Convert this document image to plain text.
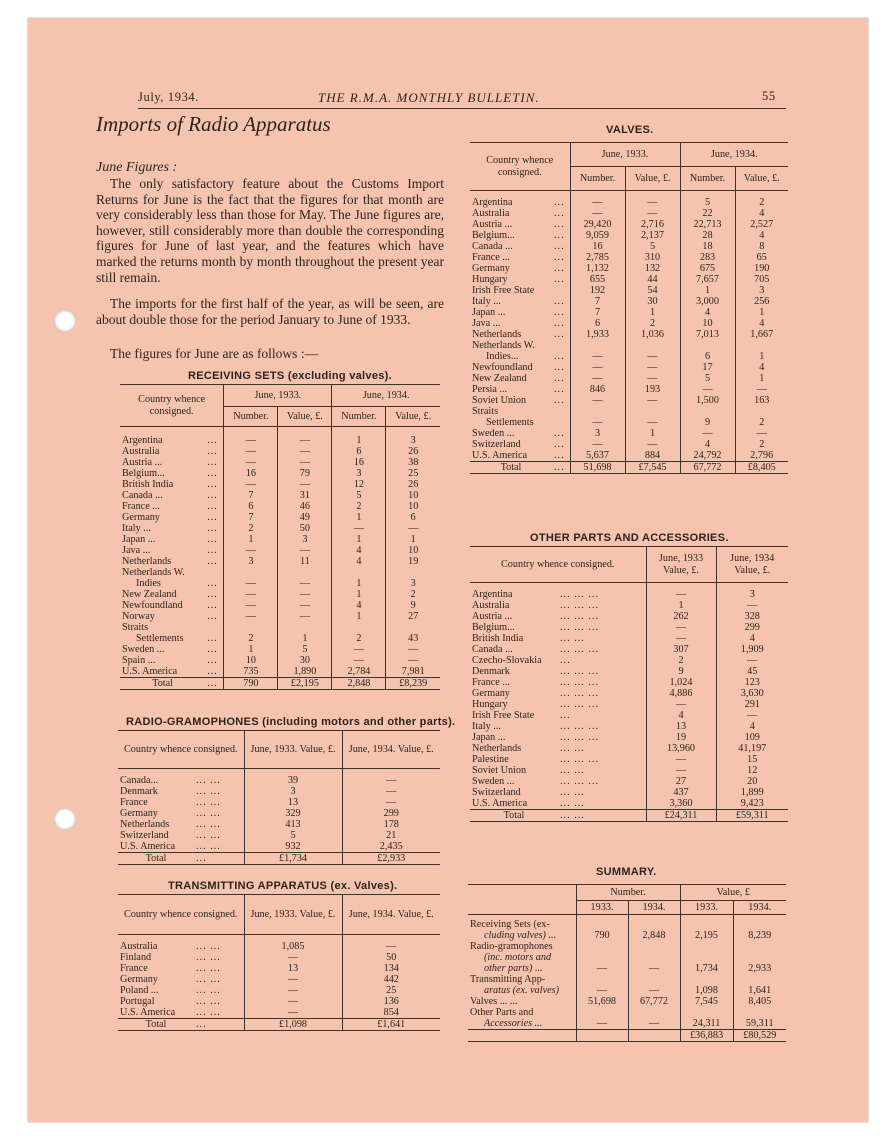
July, 1934.	THE R.M.A. MONTHLY BULLETIN.	55
Imports of Radio Apparatus
June Figures :
The only satisfactory feature about the Customs Import Returns for June is the fact that the figures for that month are very considerably less than those for May. The June figures are, however, still considerably more than double the corresponding figures for June of last year, and the features which have marked the returns month by month throughout the present year still remain.
The imports for the first half of the year, as will be seen, are about double those for the period January to June of 1933.
The figures for June are as follows :—
RECEIVING SETS (excluding valves).
Country whence consigned.		June, 1933.		June, 1934.	
		Number.	Value, £.	Number.	Value, £.
Argentina	...	—	—	1	3
Australia	...	—	—	6	26
Austria ...	...	—	—	16	38
Belgium...	...	16	79	3	25
British India	...	—	—	12	26
Canada ...	...	7	31	5	10
France ...	...	6	46	2	10
Germany	...	7	49	1	6
Italy ...	...	2	50	—	—
Japan ...	...	1	3	1	1
Java ...	...	—	—	4	10
Netherlands	...	3	11	4	19
Netherlands W.					
Indies	...	—	—	1	3
New Zealand	...	—	—	1	2
Newfoundland	...	—	—	4	9
Norway	...	—	—	1	27
Straits					
Settlements	...	2	1	2	43
Sweden ...	...	1	5	—	—
Spain ...	...	10	30	—	—
U.S. America	...	735	1,890	2,784	7,981
Total	...	790	£2,195	2,848	£8,239
RADIO-GRAMOPHONES (including motors and other parts).
Country whence consigned.		June, 1933. Value, £.	June, 1934. Value, £.
Canada...	... ...	39	—
Denmark	... ...	3	—
France	... ...	13	—
Germany	... ...	329	299
Netherlands	... ...	413	178
Switzerland	... ...	5	21
U.S. America	... ...	932	2,435
Total	...	£1,734	£2,933
TRANSMITTING APPARATUS (ex. Valves).
Country whence consigned.		June, 1933. Value, £.	June, 1934. Value, £.
Australia	... ...	1,085	—
Finland	... ...	—	50
France	... ...	13	134
Germany	... ...	—	442
Poland ...	... ...	—	25
Portugal	... ...	—	136
U.S. America	... ...	—	854
Total	...	£1,098	£1,641
VALVES.
Country whence consigned.		June, 1933.		June, 1934.	
		Number.	Value, £.	Number.	Value, £.
Argentina	...	—	—	5	2
Australia	...	—	—	22	4
Austria ...	...	29,420	2,716	22,713	2,527
Belgium...	...	9,059	2,137	28	4
Canada ...	...	16	5	18	8
France ...	...	2,785	310	283	65
Germany	...	1,132	132	675	190
Hungary	...	655	44	7,657	705
Irish Free State		192	54	1	3
Italy ...	...	7	30	3,000	256
Japan ...	...	7	1	4	1
Java ...	...	6	2	10	4
Netherlands	...	1,933	1,036	7,013	1,667
Netherlands W.					
Indies...	...	—	—	6	1
Newfoundland	...	—	—	17	4
New Zealand	...	—	—	5	1
Persia ...	...	846	193	—	—
Soviet Union	...	—	—	1,500	163
Straits					
Settlements		—	—	9	2
Sweden ...	...	3	1	—	—
Switzerland	...	—	—	4	2
U.S. America	...	5,637	884	24,792	2,796
Total	...	51,698	£7,545	67,772	£8,405
OTHER PARTS AND ACCESSORIES.
Country whence consigned.		June, 1933 Value, £.	June, 1934 Value, £.
Argentina	... ... ...	—	3
Australia	... ... ...	1	—
Austria ...	... ... ...	262	328
Belgium...	... ... ...	—	299
British India	... ...	—	4
Canada ...	... ... ...	307	1,909
Czecho-Slovakia	...	2	—
Denmark	... ... ...	9	45
France ...	... ... ...	1,024	123
Germany	... ... ...	4,886	3,630
Hungary	... ... ...	—	291
Irish Free State	...	4	—
Italy ...	... ... ...	13	4
Japan ...	... ... ...	19	109
Netherlands	... ...	13,960	41,197
Palestine	... ... ...	—	15
Soviet Union	... ...	—	12
Sweden ...	... ... ...	27	20
Switzerland	... ...	437	1,899
U.S. America	... ...	3,360	9,423
Total	... ...	£24,311	£59,311
SUMMARY.
	Number.		Value, £	
	1933.	1934.	1933.	1934.

Receiving Sets (ex-
cluding valves) ...	790	2,848	2,195	8,239

Radio-gramophones
(inc. motors and
other parts) ...	—	—	1,734	2,933

Transmitting App-
aratus (ex. valves)	—	—	1,098	1,641

Valves ... ...	51,698	67,772	7,545	8,405

Other Parts and
Accessories ...	—	—	24,311	59,311
			£36,883	£80,529
